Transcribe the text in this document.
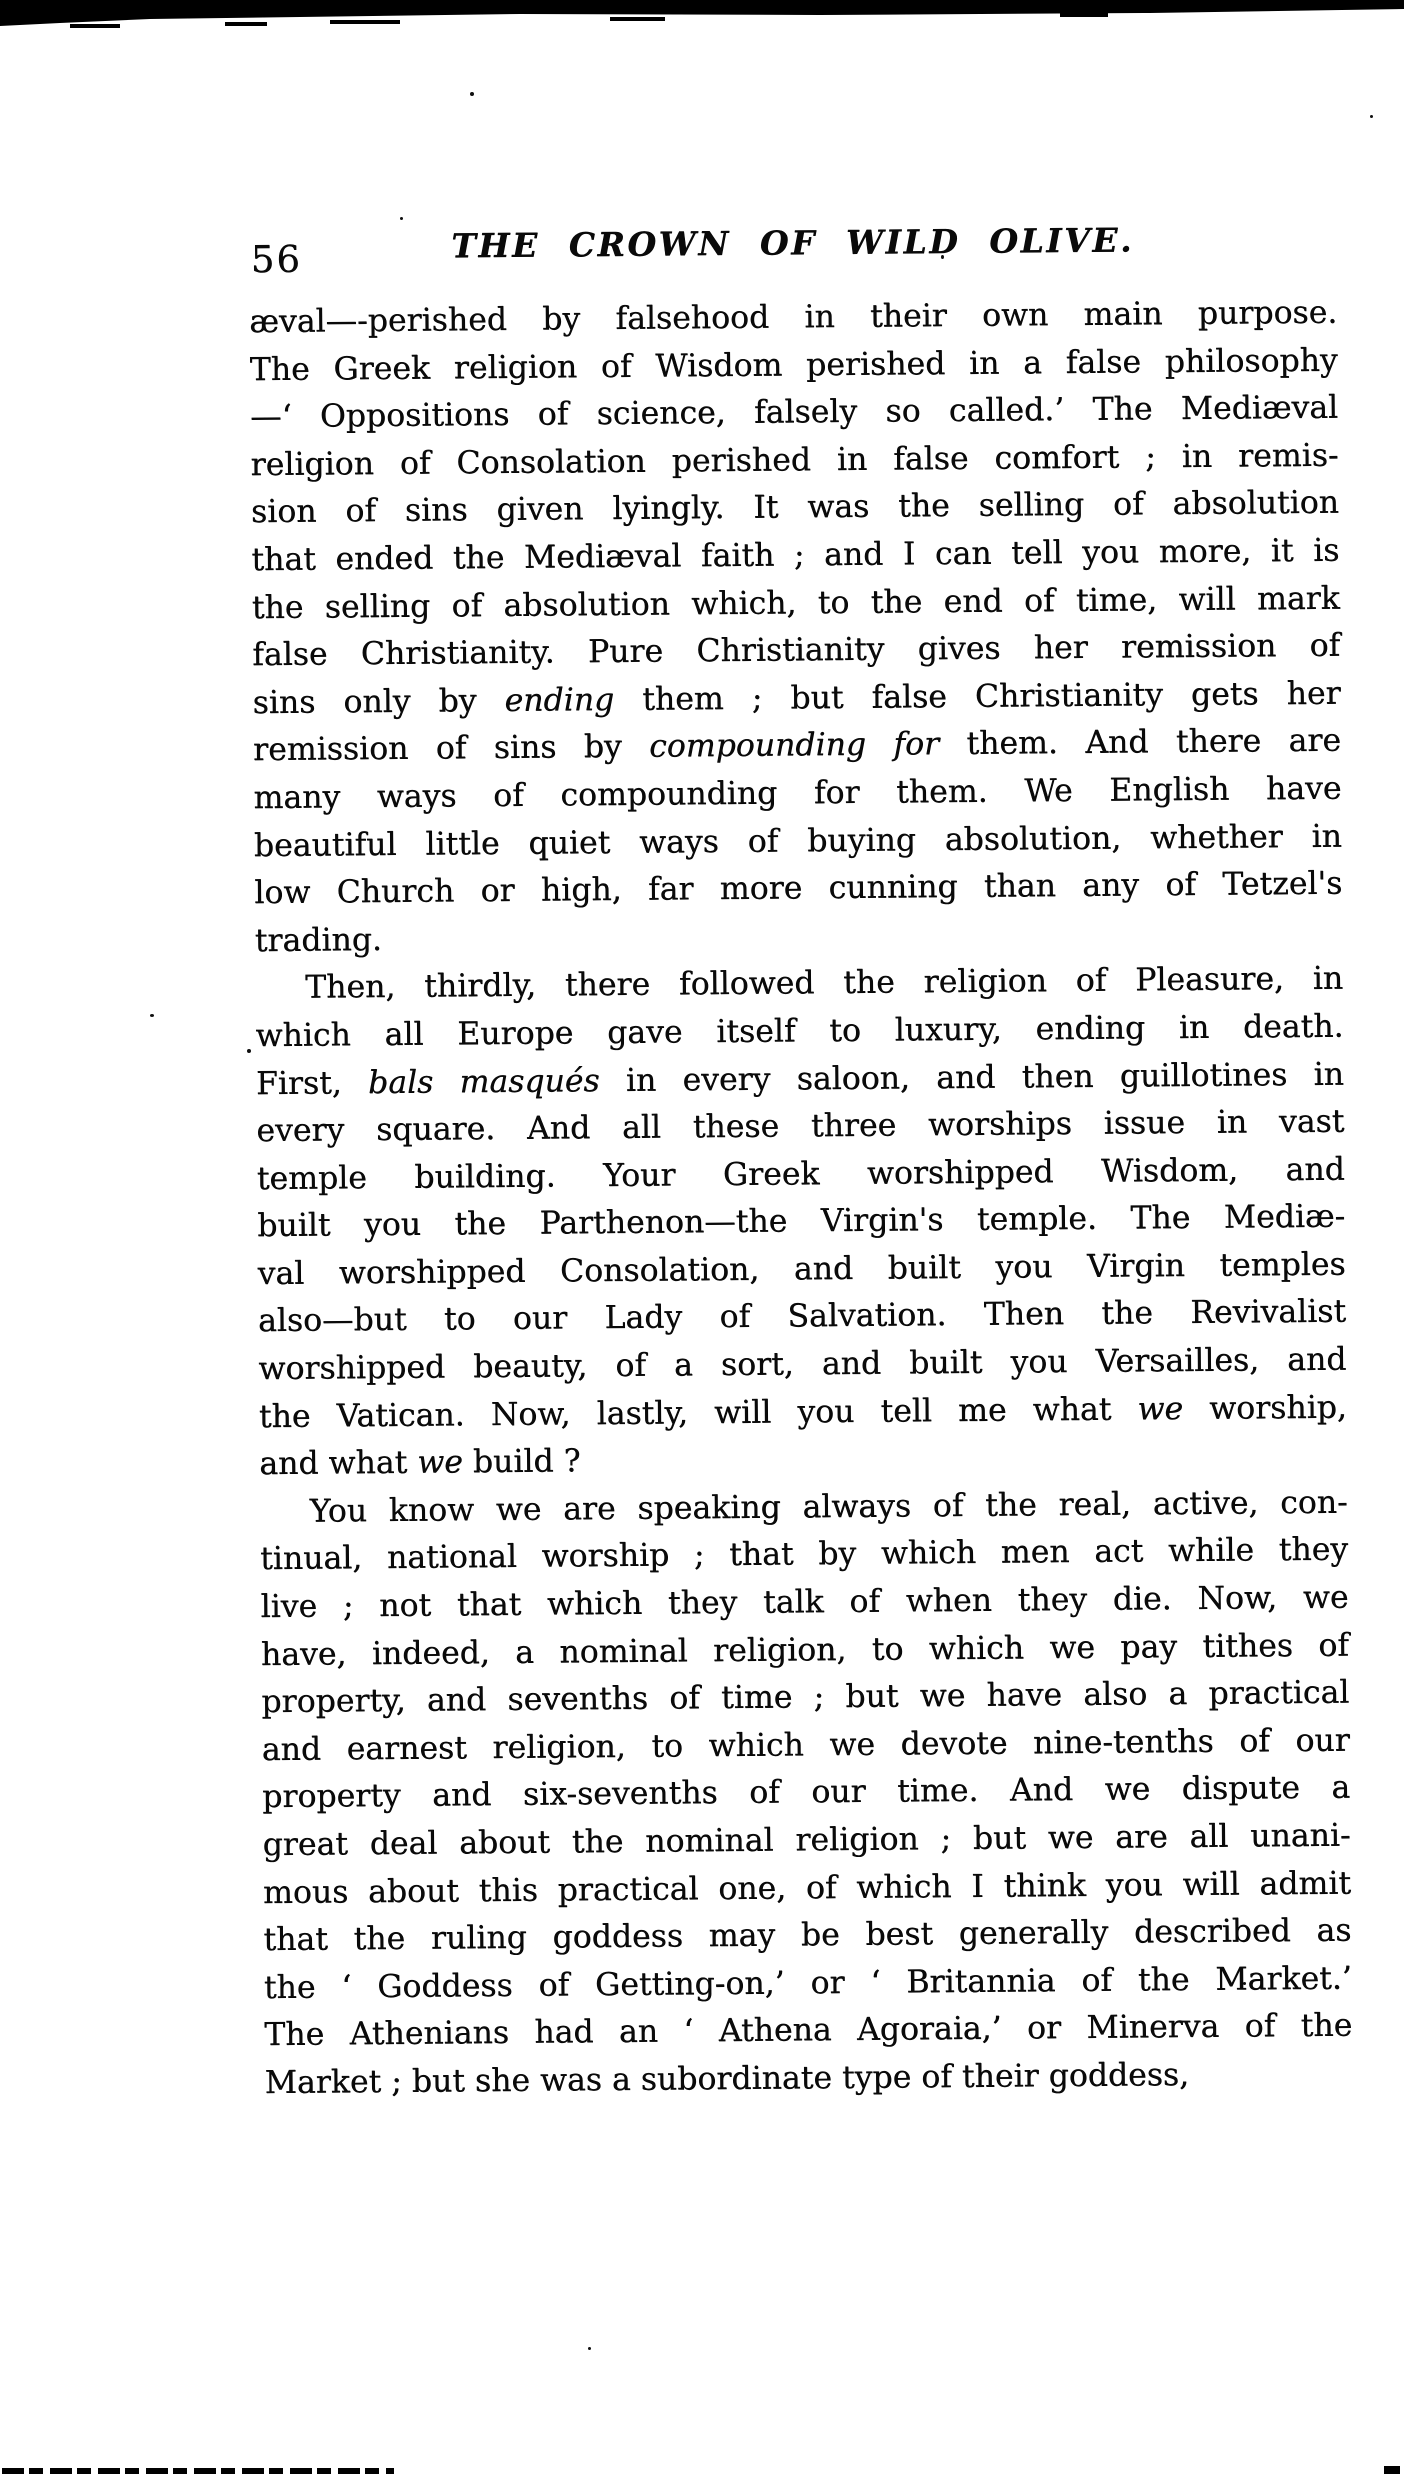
56	THE CROWN OF WILD OLIVE.
æval—-perished by falsehood in their own main purpose.
The Greek religion of Wisdom perished in a false philosophy
—‘ Oppositions of science, falsely so called.’ The Mediæval
religion of Consolation perished in false comfort ; in remis-
sion of sins given lyingly. It was the selling of absolution
that ended the Mediæval faith ; and I can tell you more, it is
the selling of absolution which, to the end of time, will mark
false Christianity. Pure Christianity gives her remission of
sins only by ending them ; but false Christianity gets her
remission of sins by compounding for them. And there are
many ways of compounding for them. We English have
beautiful little quiet ways of buying absolution, whether in
low Church or high, far more cunning than any of Tetzel's
trading.
Then, thirdly, there followed the religion of Pleasure, in
which all Europe gave itself to luxury, ending in death.
First, bals masqués in every saloon, and then guillotines in
every square. And all these three worships issue in vast
temple building. Your Greek worshipped Wisdom, and
built you the Parthenon—the Virgin's temple. The Mediæ-
val worshipped Consolation, and built you Virgin temples
also—but to our Lady of Salvation. Then the Revivalist
worshipped beauty, of a sort, and built you Versailles, and
the Vatican. Now, lastly, will you tell me what we worship,
and what we build ?
You know we are speaking always of the real, active, con-
tinual, national worship ; that by which men act while they
live ; not that which they talk of when they die. Now, we
have, indeed, a nominal religion, to which we pay tithes of
property, and sevenths of time ; but we have also a practical
and earnest religion, to which we devote nine-tenths of our
property and six-sevenths of our time. And we dispute a
great deal about the nominal religion ; but we are all unani-
mous about this practical one, of which I think you will admit
that the ruling goddess may be best generally described as
the ‘ Goddess of Getting-on,’ or ‘ Britannia of the Market.’
The Athenians had an ‘ Athena Agoraia,’ or Minerva of the
Market ; but she was a subordinate type of their goddess,
